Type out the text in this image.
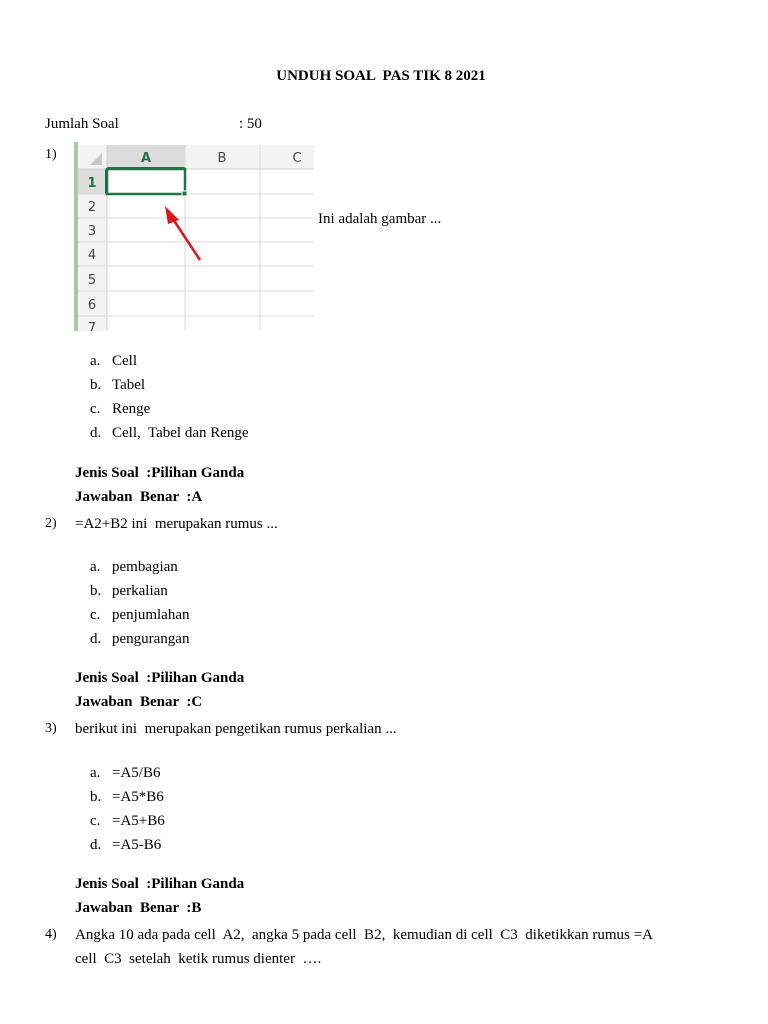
UNDUH SOAL  PAS TIK 8 2021
Jumlah Soal	: 50
1)	A	B	C
1
2
3
4
5
6
7
Ini adalah gambar ...
a. Cell
b. Tabel
c. Renge
d. Cell,  Tabel dan Renge
Jenis Soal  :Pilihan Ganda
Jawaban  Benar  :A
2) =A2+B2 ini  merupakan rumus ...
a. pembagian
b. perkalian
c. penjumlahan
d. pengurangan
Jenis Soal  :Pilihan Ganda
Jawaban  Benar  :C
3) berikut ini  merupakan pengetikan rumus perkalian ...
a. =A5/B6
b. =A5*B6
c. =A5+B6
d. =A5-B6
Jenis Soal  :Pilihan Ganda
Jawaban  Benar  :B
4) Angka 10 ada pada cell  A2,  angka 5 pada cell  B2,  kemudian di cell  C3  diketikkan rumus =A
cell  C3  setelah  ketik rumus dienter  ….
